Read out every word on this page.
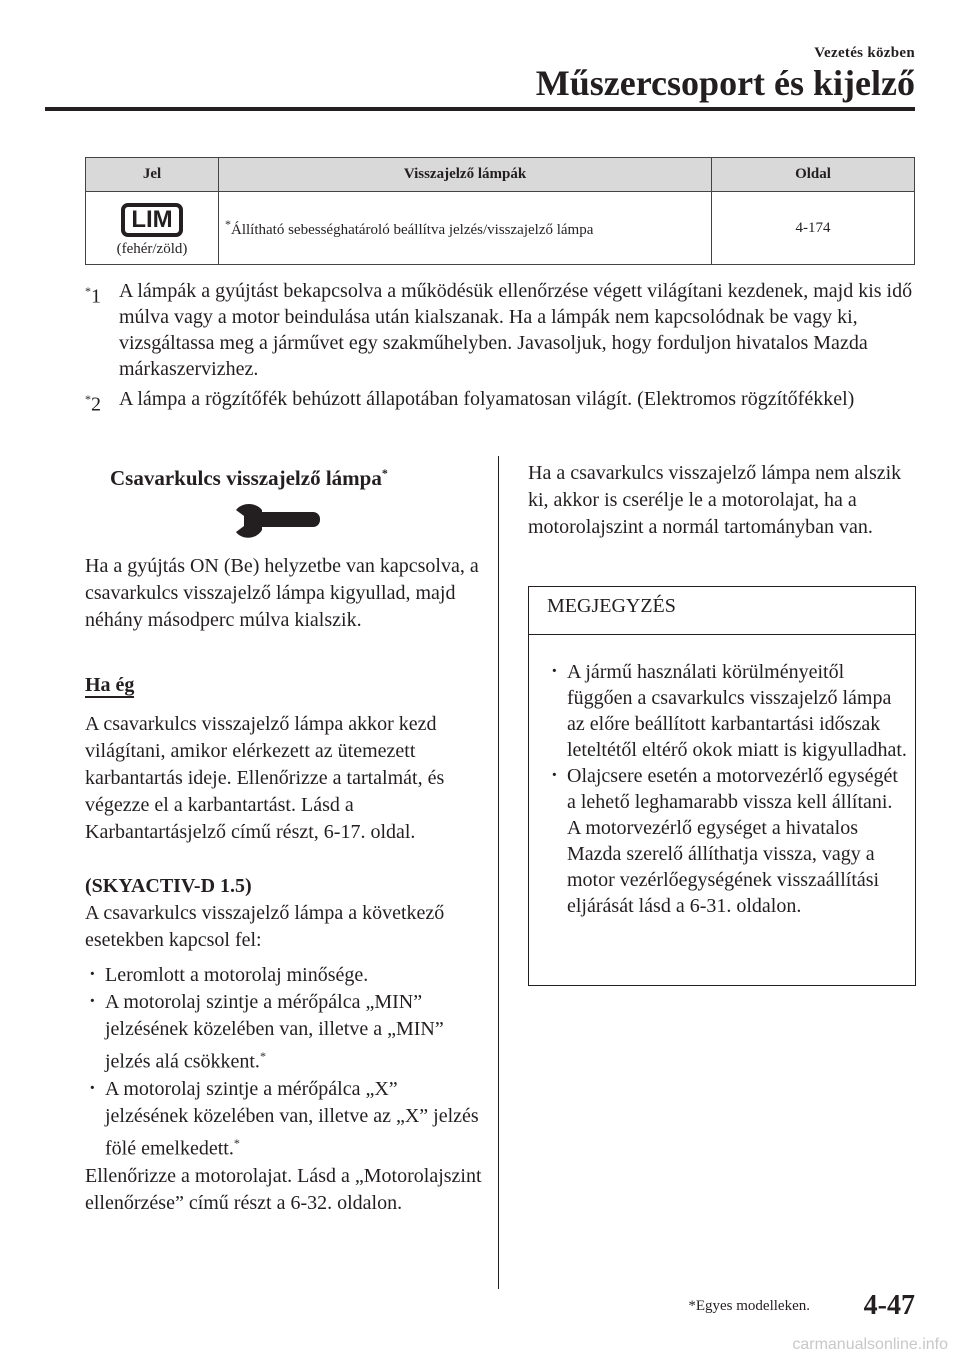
Vezetés közben
Műszercsoport és kijelző
Jel	Visszajelző lámpák	Oldal
LIM
(fehér/zöld)	*Állítható sebességhatároló beállítva jelzés/visszajelző lámpa	4-174
*1 A lámpák a gyújtást bekapcsolva a működésük ellenőrzése végett világítani kezdenek, majd kis idő múlva vagy a motor beindulása után kialszanak. Ha a lámpák nem kapcsolódnak be vagy ki, vizsgáltassa meg a járművet egy szakműhelyben. Javasoljuk, hogy forduljon hivatalos Mazda márkaszervizhez.
*2 A lámpa a rögzítőfék behúzott állapotában folyamatosan világít. (Elektromos rögzítőfékkel)
Csavarkulcs visszajelző lámpa*
Ha a gyújtás ON (Be) helyzetbe van kapcsolva, a csavarkulcs visszajelző lámpa kigyullad, majd néhány másodperc múlva kialszik.
Ha ég
A csavarkulcs visszajelző lámpa akkor kezd világítani, amikor elérkezett az ütemezett karbantartás ideje. Ellenőrizze a tartalmát, és végezze el a karbantartást. Lásd a Karbantartásjelző című részt, 6-17. oldal.
(SKYACTIV-D 1.5)
A csavarkulcs visszajelző lámpa a következő esetekben kapcsol fel:
· Leromlott a motorolaj minősége.
· A motorolaj szintje a mérőpálca „MIN” jelzésének közelében van, illetve a „MIN” jelzés alá csökkent.*
· A motorolaj szintje a mérőpálca „X” jelzésének közelében van, illetve az „X” jelzés fölé emelkedett.*
Ellenőrizze a motorolajat. Lásd a „Motorolajszint ellenőrzése” című részt a 6-32. oldalon.
Ha a csavarkulcs visszajelző lámpa nem alszik ki, akkor is cserélje le a motorolajat, ha a motorolajszint a normál tartományban van.
MEGJEGYZÉS
· A jármű használati körülményeitől függően a csavarkulcs visszajelző lámpa az előre beállított karbantartási időszak leteltétől eltérő okok miatt is kigyulladhat.
· Olajcsere esetén a motorvezérlő egységét a lehető leghamarabb vissza kell állítani.
A motorvezérlő egységet a hivatalos Mazda szerelő állíthatja vissza, vagy a motor vezérlőegységének visszaállítási eljárását lásd a 6-31. oldalon.
*Egyes modelleken. 4-47
carmanualsonline.info
